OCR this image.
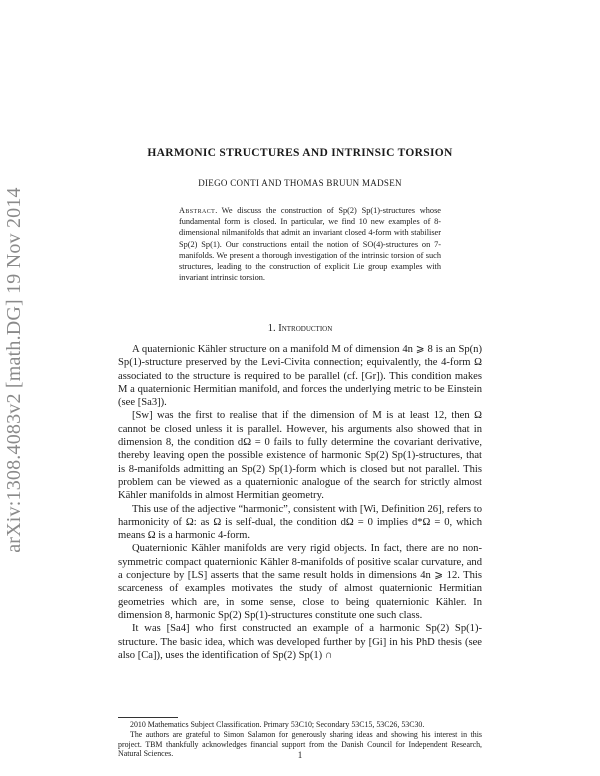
arXiv:1308.4083v2 [math.DG] 19 Nov 2014
HARMONIC STRUCTURES AND INTRINSIC TORSION
DIEGO CONTI AND THOMAS BRUUN MADSEN
Abstract. We discuss the construction of Sp(2) Sp(1)-structures whose fundamental form is closed. In particular, we find 10 new examples of 8-dimensional nilmanifolds that admit an invariant closed 4-form with stabiliser Sp(2) Sp(1). Our constructions entail the notion of SO(4)-structures on 7-manifolds. We present a thorough investigation of the intrinsic torsion of such structures, leading to the construction of explicit Lie group examples with invariant intrinsic torsion.
1. Introduction

A quaternionic Kähler structure on a manifold M of dimension 4n ⩾ 8 is an Sp(n) Sp(1)-structure preserved by the Levi-Civita connection; equivalently, the 4-form Ω associated to the structure is required to be parallel (cf. [Gr]). This condition makes M a quaternionic Hermitian manifold, and forces the underlying metric to be Einstein (see [Sa3]).

[Sw] was the first to realise that if the dimension of M is at least 12, then Ω cannot be closed unless it is parallel. However, his arguments also showed that in dimension 8, the condition dΩ = 0 fails to fully determine the covariant derivative, thereby leaving open the possible existence of harmonic Sp(2) Sp(1)-structures, that is 8-manifolds admitting an Sp(2) Sp(1)-form which is closed but not parallel. This problem can be viewed as a quaternionic analogue of the search for strictly almost Kähler manifolds in almost Hermitian geometry.

This use of the adjective “harmonic”, consistent with [Wi, Definition 26], refers to harmonicity of Ω: as Ω is self-dual, the condition dΩ = 0 implies d*Ω = 0, which means Ω is a harmonic 4-form.

Quaternionic Kähler manifolds are very rigid objects. In fact, there are no non-symmetric compact quaternionic Kähler 8-manifolds of positive scalar curvature, and a conjecture by [LS] asserts that the same result holds in dimensions 4n ⩾ 12. This scarceness of examples motivates the study of almost quaternionic Hermitian geometries which are, in some sense, close to being quaternionic Kähler. In dimension 8, harmonic Sp(2) Sp(1)-structures constitute one such class.

It was [Sa4] who first constructed an example of a harmonic Sp(2) Sp(1)-structure. The basic idea, which was developed further by [Gi] in his PhD thesis (see also [Ca]), uses the identification of Sp(2) Sp(1) ∩

2010 Mathematics Subject Classification. Primary 53C10; Secondary 53C15, 53C26, 53C30.

The authors are grateful to Simon Salamon for generously sharing ideas and showing his interest in this project. TBM thankfully acknowledges financial support from the Danish Council for Independent Research, Natural Sciences.	1
